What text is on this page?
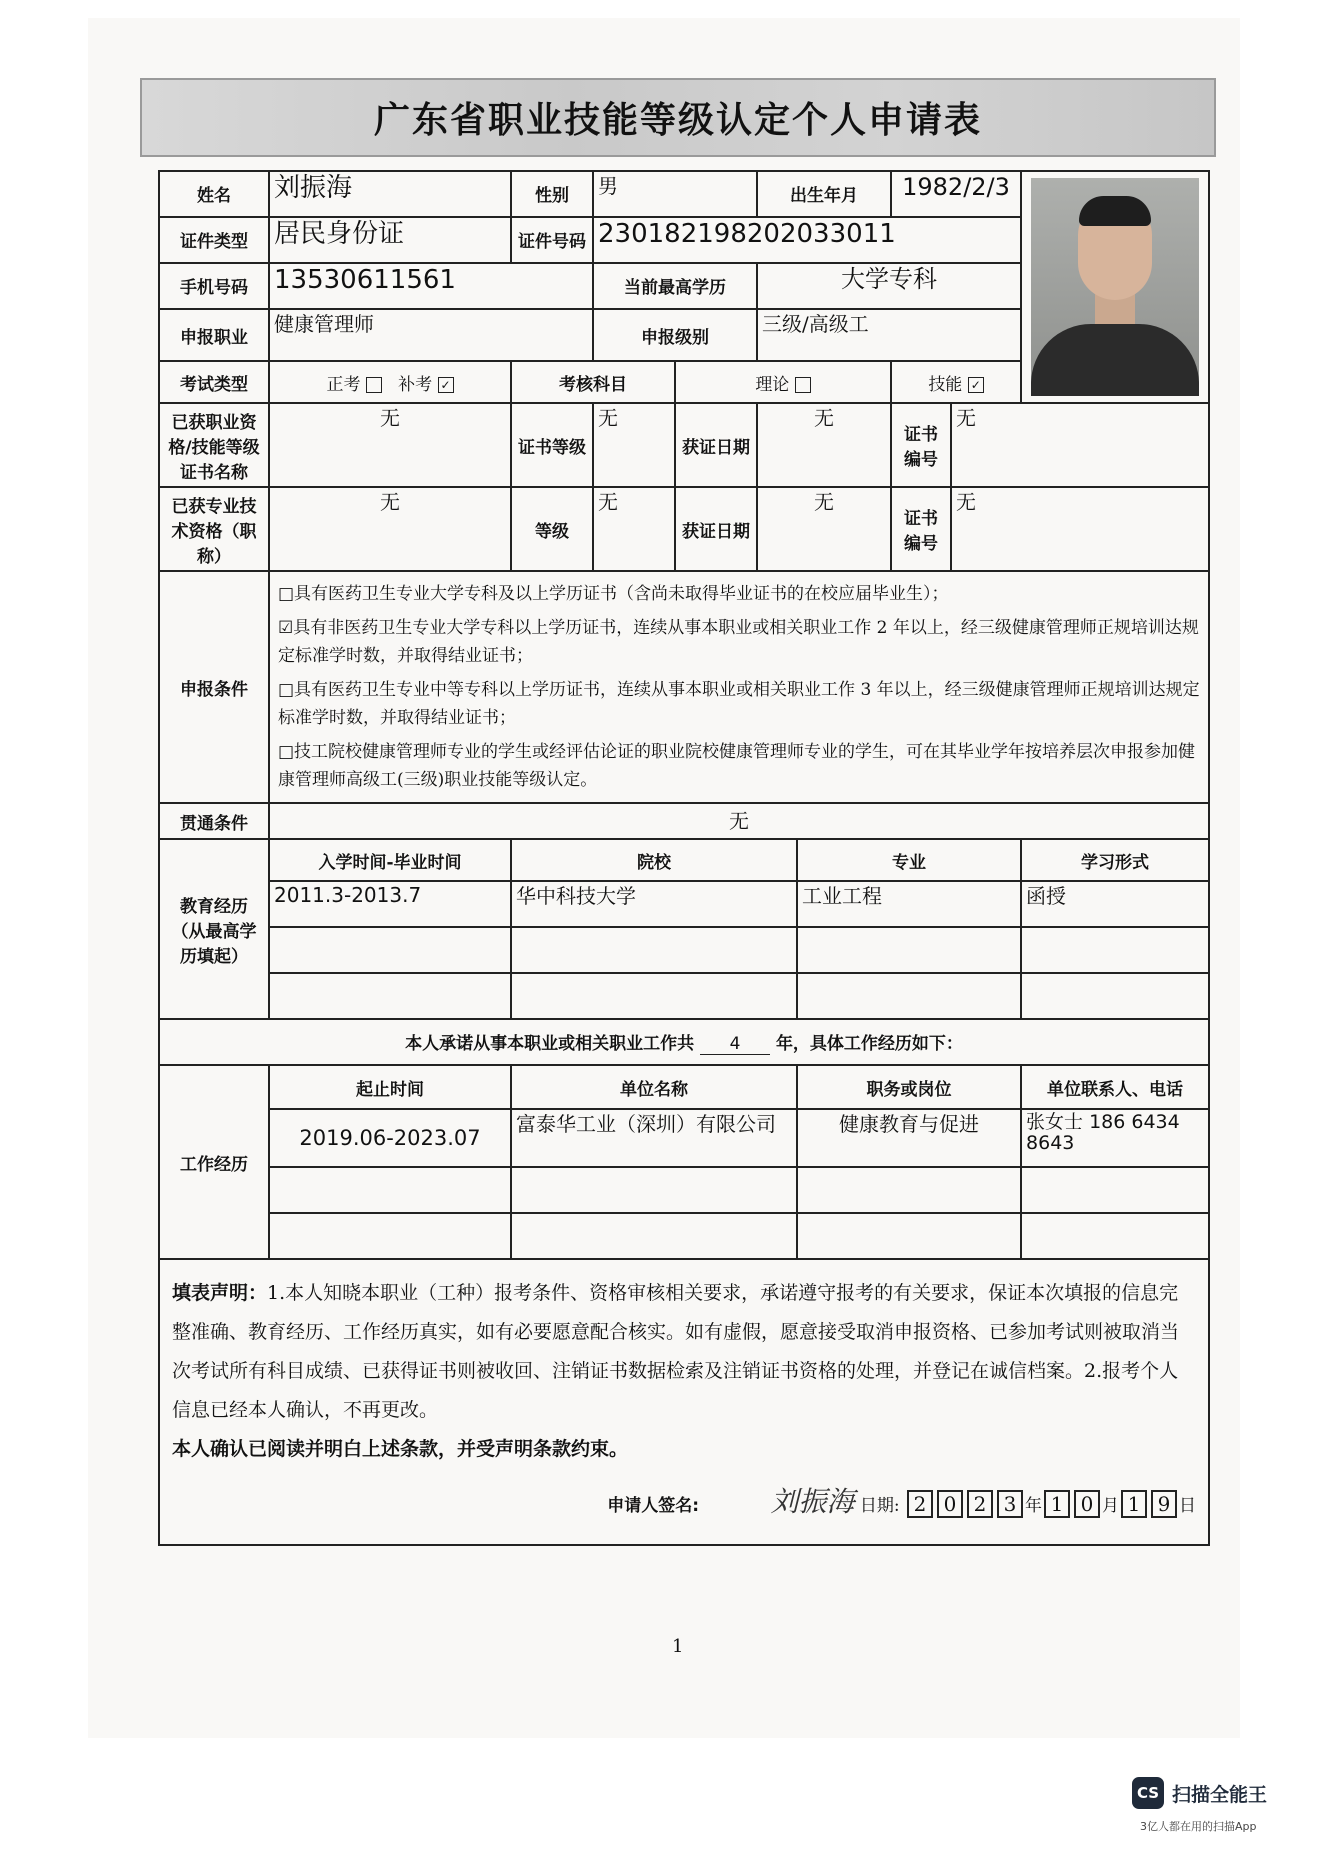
广东省职业技能等级认定个人申请表
姓名	刘振海	性别	男		出生年月		1982/2/3		

证件类型	居民身份证	证件号码	230182198202033011						
手机号码	13530611561		当前最高学历		大学专科				
申报职业	健康管理师		申报级别		三级/高级工				
考试类型	正考 补考 ✓	考核科目		理论			技能 ✓		
已获职业资格/技能等级证书名称	无	证书等级	无	获证日期	无		证书编号	无	
已获专业技术资格（职称）	无	等级	无	获证日期	无		证书编号	无	
申报条件	□具有医药卫生专业大学专科及以上学历证书（含尚未取得毕业证书的在校应届毕业生）；

☑具有非医药卫生专业大学专科以上学历证书，连续从事本职业或相关职业工作 2 年以上，经三级健康管理师正规培训达规定标准学时数，并取得结业证书；

□具有医药卫生专业中等专科以上学历证书，连续从事本职业或相关职业工作 3 年以上，经三级健康管理师正规培训达规定标准学时数，并取得结业证书；

□技工院校健康管理师专业的学生或经评估论证的职业院校健康管理师专业的学生，可在其毕业学年按培养层次申报参加健康管理师高级工(三级)职业技能等级认定。								

贯通条件	无								
教育经历（从最高学历填起）	入学时间-毕业时间	院校				专业			学习形式
	2011.3-2013.7	华中科技大学				工业工程			函授

本人承诺从事本职业或相关职业工作共 4 年，具体工作经历如下：									
工作经历	起止时间	单位名称				职务或岗位			单位联系人、电话
	2019.06-2023.07	富泰华工业（深圳）有限公司				健康教育与促进			张女士 186 6434 8643

填表声明：1.本人知晓本职业（工种）报考条件、资格审核相关要求，承诺遵守报考的有关要求，保证本次填报的信息完整准确、教育经历、工作经历真实，如有必要愿意配合核实。如有虚假，愿意接受取消申报资格、已参加考试则被取消当次考试所有科目成绩、已获得证书则被收回、注销证书数据检索及注销证书资格的处理，并登记在诚信档案。2.报考个人信息已经本人确认，不再更改。
本人确认已阅读并明白上述条款，并受声明条款约束。
申请人签名: 刘振海 日期: 2 0 2 3 年 1 0 月 1 9 日									
1
CS 扫描全能王
3亿人都在用的扫描App
